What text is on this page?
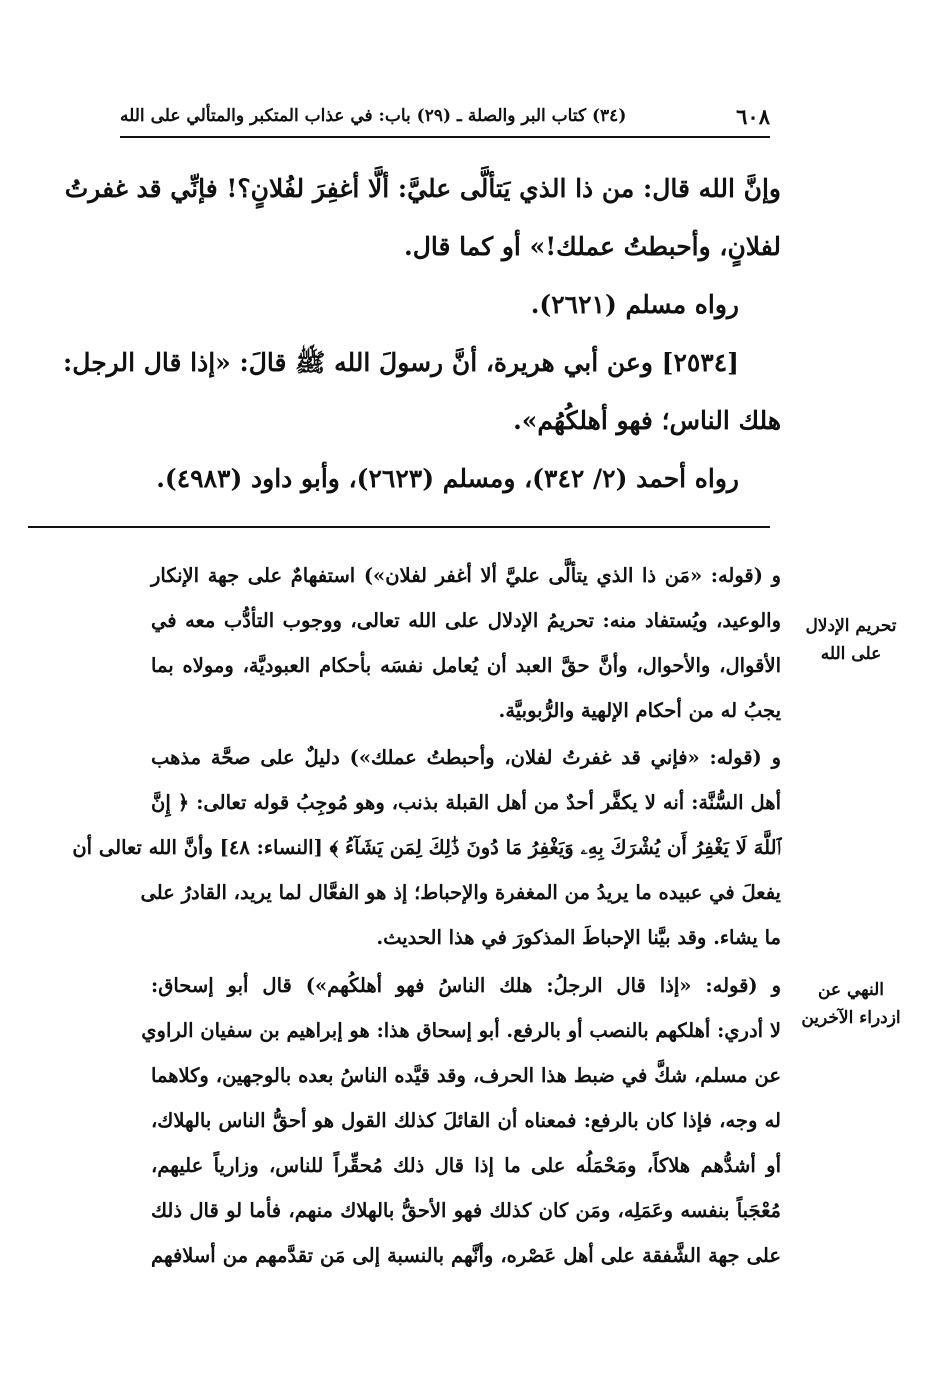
٦٠٨
(٣٤) كتاب البر والصلة ـ (٢٩) باب: في عذاب المتكبر والمتألي على الله
وإنَّ الله قال: من ذا الذي يَتألَّى عليَّ: ألَّا أغفِرَ لفُلانٍ؟! فإنِّي قد غفرتُ
لفلانٍ، وأحبطتُ عملك!» أو كما قال.
رواه مسلم (٢٦٢١).
[٢٥٣٤] وعن أبي هريرة، أنَّ رسولَ الله ﷺ قالَ: «إذا قال الرجل:
هلك الناس؛ فهو أهلكُهُم».
رواه أحمد (٢/ ٣٤٢)، ومسلم (٢٦٢٣)، وأبو داود (٤٩٨٣).
و (قوله: «مَن ذا الذي يتألَّى عليَّ ألا أغفر لفلان») استفهامٌ على جهة الإنكار
والوعيد، ويُستفاد منه: تحريمُ الإدلال على الله تعالى، ووجوب التأدُّب معه في
الأقوال، والأحوال، وأنَّ حقَّ العبد أن يُعامل نفسَه بأحكام العبوديَّة، ومولاه بما
يجبُ له من أحكام الإلهية والرُّبوبيَّة.
و (قوله: «فإني قد غفرتُ لفلان، وأحبطتُ عملك») دليلٌ على صحَّة مذهب
أهل السُّنَّة: أنه لا يكفَّر أحدٌ من أهل القبلة بذنب، وهو مُوجِبُ قوله تعالى: ﴿ إِنَّ
ٱللَّهَ لَا يَغْفِرُ أَن يُشْرَكَ بِهِۦ وَيَغْفِرُ مَا دُونَ ذَٰلِكَ لِمَن يَشَآءُ ﴾ [النساء: ٤٨] وأنَّ الله تعالى أن
يفعلَ في عبيده ما يريدُ من المغفرة والإحباط؛ إذ هو الفعَّال لما يريد، القادرُ على
ما يشاء. وقد بيَّنا الإحباطَ المذكورَ في هذا الحديث.
و (قوله: «إذا قال الرجلُ: هلك الناسُ فهو أهلكُهم») قال أبو إسحاق:
لا أدري: أهلكهم بالنصب أو بالرفع. أبو إسحاق هذا: هو إبراهيم بن سفيان الراوي
عن مسلم، شكَّ في ضبط هذا الحرف، وقد قيَّده الناسُ بعده بالوجهين، وكلاهما
له وجه، فإذا كان بالرفع: فمعناه أن القائلَ كذلك القول هو أحقُّ الناس بالهلاك،
أو أشدُّهم هلاكاً، ومَحْمَلُه على ما إذا قال ذلك مُحقِّراً للناس، وزارياً عليهم،
مُعْجَباً بنفسه وعَمَلِه، ومَن كان كذلك فهو الأحقُّ بالهلاك منهم، فأما لو قال ذلك
على جهة الشَّفقة على أهل عَصْره، وأنَّهم بالنسبة إلى مَن تقدَّمهم من أسلافهم
تحريم الإدلال
على الله
النهي عن
ازدراء الآخرين
